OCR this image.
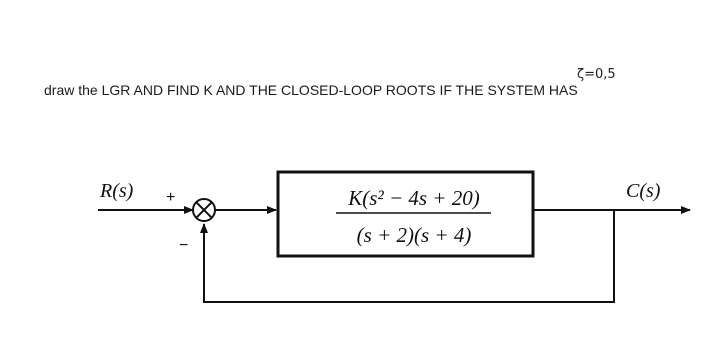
draw the LGR AND FIND K AND THE CLOSED-LOOP ROOTS IF THE SYSTEM HAS
ζ=0,5
K(s² − 4s + 20)
(s + 2)(s + 4)
R(s)	C(s)
+
−
